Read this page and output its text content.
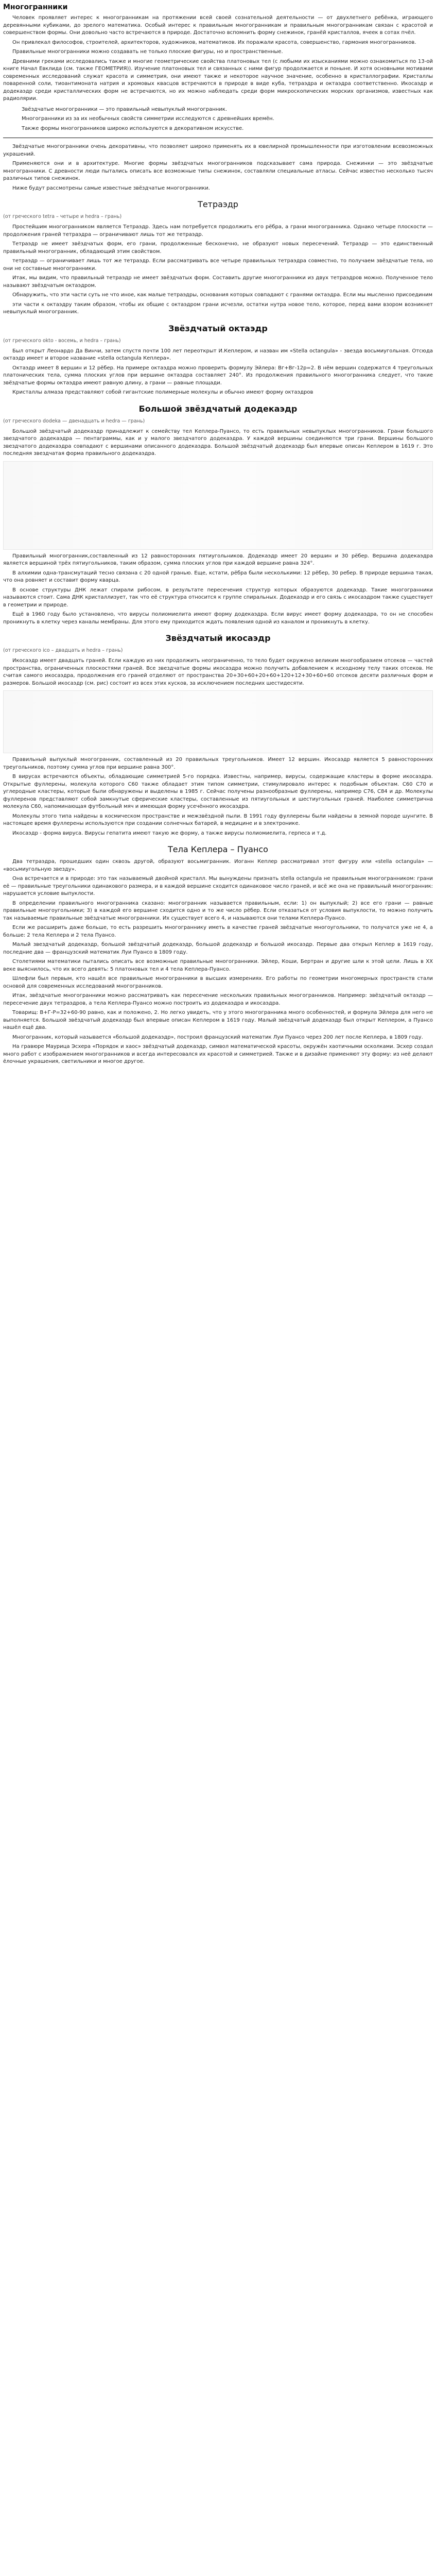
Многогранники

Человек проявляет интерес к многогранникам на протяжении всей своей сознательной деятельности — от двухлетнего ребёнка, играющего деревянными кубиками, до зрелого математика. Особый интерес к правильным многогранникам и правильным многогранникам связан с красотой и совершенством формы. Они довольно часто встречаются в природе. Достаточно вспомнить форму снежинок, гранёй кристаллов, ячеек в сотах пчёл.

Он привлекал философов, строителей, архитекторов, художников, математиков. Их поражали красота, совершенство, гармония многогранников.

Правильные многогранники можно создавать не только плоские фигуры, но и пространственные.

Древними греками исследовались также и многие геометрические свойства платоновых тел (с любыми их изысканиями можно ознакомиться по 13-ой книге Начал Евклида (см. также ГЕОМЕТРИЯ)). Изучение платоновых тел и связанных с ними фигур продолжается и поныне. И хотя основными мотивами современных исследований служат красота и симметрия, они имеют также и некоторое научное значение, особенно в кристаллографии. Кристаллы поваренной соли, тиоантимоната натрия и хромовых квасцов встречаются в природе в виде куба, тетраэдра и октаэдра соответственно. Икосаэдр и додекаэдр среди кристаллических форм не встречаются, но их можно наблюдать среди форм микроскопических морских организмов, известных как радиолярии.

Звёздчатые многогранники — это правильный невыпуклый многогранник.

Многогранники из за их необычных свойств симметрии исследуются с древнейших времён.

Также формы многогранников широко используются в декоративном искусстве.

Звёздчатые многогранники очень декоративны, что позволяет широко применять их в ювелирной промышленности при изготовлении всевозможных украшений.

Применяются они и в архитектуре. Многие формы звёздчатых многогранников подсказывает сама природа. Снежинки — это звёздчатые многогранники. С древности люди пытались описать все возможные типы снежинок, составляли специальные атласы. Сейчас известно несколько тысяч различных типов снежинок.

Ниже будут рассмотрены самые известные звёздчатые многогранники.

Тетраэдр
(от греческого tetra – четыре и hedra – грань)

Простейшим многогранником является Тетраэдр. Здесь нам потребуется продолжить его рёбра, а грани многогранника. Однако четыре плоскости — продолжения граней тетраэдра — ограничивают лишь тот же тетраэдр.

Тетраэдр не имеет звёздчатых форм, его грани, продолженные бесконечно, не образуют новых пересечений. Тетраэдр — это единственный правильный многогранник, обладающий этим свойством.

тетраэдр — ограничивает лишь тот же тетраэдр. Если рассматривать все четыре правильных тетраэдра совместно, то получаем звёздчатые тела, но они не составные многогранники.

Итак, мы видим, что правильный тетраэдр не имеет звёздчатых форм. Составить другие многогранники из двух тетраэдров можно. Полученное тело называют звёздчатым октаэдром.

Обнаружить, что эти части суть не что иное, как малые тетраэдры, основания которых совпадают с гранями октаэдра. Если мы мысленно присоединим

эти части к октаэдру таким образом, чтобы их общие с октаэдром грани исчезли, остатки нутра новое тело, которое, перед вами взором возникнет невыпуклый многогранник.

Звёздчатый октаэдр
(от греческого okto - восемь, и hedra – грань)

Был открыт Леонардо Да Винчи, затем спустя почти 100 лет переоткрыт И.Кеплером, и назван им «Stella octangula» - звезда восьмиугольная. Отсюда октаэдр имеет и второе название «stella octangula Кеплера».

Октаэдр имеет 8 вершин и 12 рёбер. На примере октаэдра можно проверить формулу Эйлера: Вг+Вг-12р=2. В нём вершин содержатся 4 треугольных платонических тела, сумма плоских углов при вершине октаэдра составляет 240°. Из продолжения правильного многогранника следует, что такие звёздчатые формы октаэдра имеют равную длину, а грани — равные площади.

Кристаллы алмаза представляют собой гигантские полимерные молекулы и обычно имеют форму октаэдров

Большой звёздчатый додекаэдр
(от греческого dodeka — двенадцать и hedra — грань)

Большой звёздчатый додекаэдр принадлежит к семейству тел Кеплера-Пуансо, то есть правильных невыпуклых многогранников. Грани большого звездчатого додекаэдра — пентаграммы, как и у малого звездчатого додекаэдра. У каждой вершины соединяются три грани. Вершины большого звездчатого додекаэдра совпадают с вершинами описанного додекаэдра. Большой звёздчатый додекаэдр был впервые описан Кеплером в 1619 г. Это последняя звездчатая форма правильного додекаэдра.

Правильный многогранник,составленный из 12 равносторонних пятиугольников. Додекаэдр имеет 20 вершин и 30 рёбер. Вершина додекаэдра является вершиной трёх пятиугольников, таким образом, сумма плоских углов при каждой вершине равна 324°.

В алхимии одна-трансмутаций тесно связана с 20 одной гранью. Еще, кстати, рёбра были несколькими: 12 рёбер, 30 ребер. В природе вершина такая, что она ровняет и составит форму кварца.

В основе структуры ДНК лежат спирали рибосом, в результате пересечения структур которых образуются додекаэдр. Такие многогранники называются стоит. Сама ДНК кристаллизует, так что её структура относится к группе спиральных. Додекаэдр и его связь с икосаэдром также существует в геометрии и природе.

Ещё в 1960 году было установлено, что вирусы полиомиелита имеют форму додекаэдра. Если вирус имеет форму додекаэдра, то он не способен проникнуть в клетку через каналы мембраны. Для этого ему приходится ждать появления одной из каналом и проникнуть в клетку.

Звёздчатый икосаэдр
(от греческого ico – двадцать и hedra – грань)

Икосаэдр имеет двадцать граней. Если каждую из них продолжить неограниченно, то тело будет окружено великим многообразием отсеков — частей пространства, ограниченных плоскостями граней. Все звездчатые формы икосаэдра можно получить добавлением к исходному телу таких отсеков. Не считая самого икосаэдра, продолжения его граней отделяют от пространства 20+30+60+20+60+120+12+30+60+60 отсеков десяти различных форм и размеров. Большой икосаэдр (см. рис) состоит из всех этих кусков, за исключением последних шестидесяти.

Правильный выпуклый многогранник, составленный из 20 правильных треугольников. Имеет 12 вершин. Икосаэдр является 5 равносторонних треугольников, поэтому сумма углов при вершине равна 300°.

В вирусах встречаются объекты, обладающие симметрией 5-го порядка. Известны, например, вирусы, содержащие кластеры в форме икосаэдра. Открытые фуллерены, молекула которого C60 также обладает этим типом симметрии, стимулировало интерес к подобным объектам. C60 C70 и углеродные кластеры, которые были обнаружены и выделены в 1985 г. Сейчас получены разнообразные фуллерены, например C76, C84 и др. Молекулы фуллеренов представляют собой замкнутые сферические кластеры, составленные из пятиугольных и шестиугольных граней. Наиболее симметрична молекула C60, напоминающая футбольный мяч и имеющая форму усечённого икосаэдра.

Молекулы этого типа найдены в космическом пространстве и межзвёздной пыли. В 1991 году фуллерены были найдены в земной породе шунгите. В настоящее время фуллерены используются при создании солнечных батарей, в медицине и в электронике.

Икосаэдр - форма вируса. Вирусы гепатита имеют такую же форму, а также вирусы полиомиелита, герпеса и т.д.

Тела Кеплера – Пуансо

Два тетраэдра, прошедших один сквозь другой, образуют восьмигранник. Иоганн Кеплер рассматривал этот фигуру или «stella octangula» — «восьмиугольную звезду».

Она встречается и в природе: это так называемый двойной кристалл. Мы вынуждены признать stella octangula не правильным многогранником: грани её — правильные треугольники одинакового размера, и в каждой вершине сходится одинаковое число граней, и всё же она не правильный многогранник: нарушается условие выпуклости.

В определении правильного многогранника сказано: многогранник называется правильным, если: 1) он выпуклый; 2) все его грани — равные правильные многоугольники; 3) в каждой его вершине сходится одно и то же число рёбер. Если отказаться от условия выпуклости, то можно получить так называемые правильные звёздчатые многогранники. Их существует всего 4, и называются они телами Кеплера-Пуансо.

Если же расширить даже больше, то есть разрешить многограннику иметь в качестве граней звёздчатые многоугольники, то получатся уже не 4, а больше: 2 тела Кеплера и 2 тела Пуансо.

Малый звездчатый додекаэдр, большой звёздчатый додекаэдр, большой додекаэдр и большой икосаэдр. Первые два открыл Кеплер в 1619 году, последние два — французский математик Луи Пуансо в 1809 году.

Столетиями математики пытались описать все возможные правильные многогранники. Эйлер, Коши, Бертран и другие шли к этой цели. Лишь в XX веке выяснилось, что их всего девять: 5 платоновых тел и 4 тела Кеплера-Пуансо.

Шлефли был первым, кто нашёл все правильные многогранники в высших измерениях. Его работы по геометрии многомерных пространств стали основой для современных исследований многогранников.

Итак, звёздчатые многогранники можно рассматривать как пересечение нескольких правильных многогранников. Например: звёздчатый октаэдр — пересечение двух тетраэдров, а тела Кеплера-Пуансо можно построить из додекаэдра и икосаэдра.

Товарищ: В+Г-Р=32+60-90 равно, как и положено, 2. Но легко увидеть, что у этого многогранника много особенностей, и формула Эйлера для него не выполняется. Большой звёздчатый додекаэдр был впервые описан Кеплером в 1619 году. Малый звёздчатый додекаэдр был открыт Кеплером, а Пуансо нашёл ещё два.

Многогранник, который называется «большой додекаэдр», построил французский математик Луи Пуансо через 200 лет после Кеплера, в 1809 году.

На гравюре Маурица Эсхера «Порядок и хаос» звёздчатый додекаэдр, символ математической красоты, окружён хаотичными осколками. Эсхер создал много работ с изображением многогранников и всегда интересовался их красотой и симметрией. Также и в дизайне применяют эту форму: из неё делают ёлочные украшения, светильники и многое другое.
